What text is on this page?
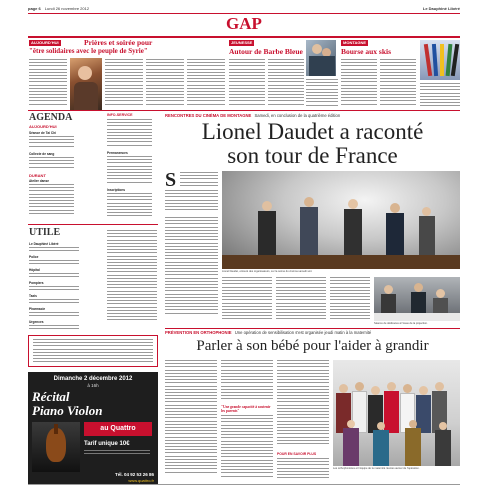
page 6 Lundi 26 novembre 2012	Le Dauphiné Libéré
GAP
AUJOURD'HUI	Prières et soirée pour
"être solidaires avec le peuple de Syrie"
JEUNESSE
Autour de Barbe Bleue
MONTAGNE
Bourse aux skis
AGENDA
AUJOURD'HUI
Séance de Tai Chi
Collecte de sang
DURANT
Atelier danse
INFO-SERVICE
Permanences
Inscriptions
UTILE
Le Dauphiné Libéré
Police
Hôpital
Pompiers
Taxis
Pharmacie
Urgences
Dimanche 2 décembre 2012
à 16h
Récital
Piano Violon
au Quattro
Tarif unique 10€
Tél. 04 92 53 26 86
www.quattro.fr
RENCONTRES DU CINÉMA DE MONTAGNE Samedi, en conclusion de la quatrième édition
Lionel Daudet a raconté
son tour de France
S
Lionel Daudet, entouré des organisateurs, sur la scène du cinéma samedi soir.
Séance de dédicaces à l'issue de la projection.
PRÉVENTION EN ORTHOPHONIE Une opération de sensibilisation s'est organisée jeudi matin à la maternité
Parler à son bébé pour l'aider à grandir
"Une grande capacité à soutenir les parents"
POUR EN SAVOIR PLUS
Les orthophonistes et l'équipe de la maternité réunies autour de l'opération.
